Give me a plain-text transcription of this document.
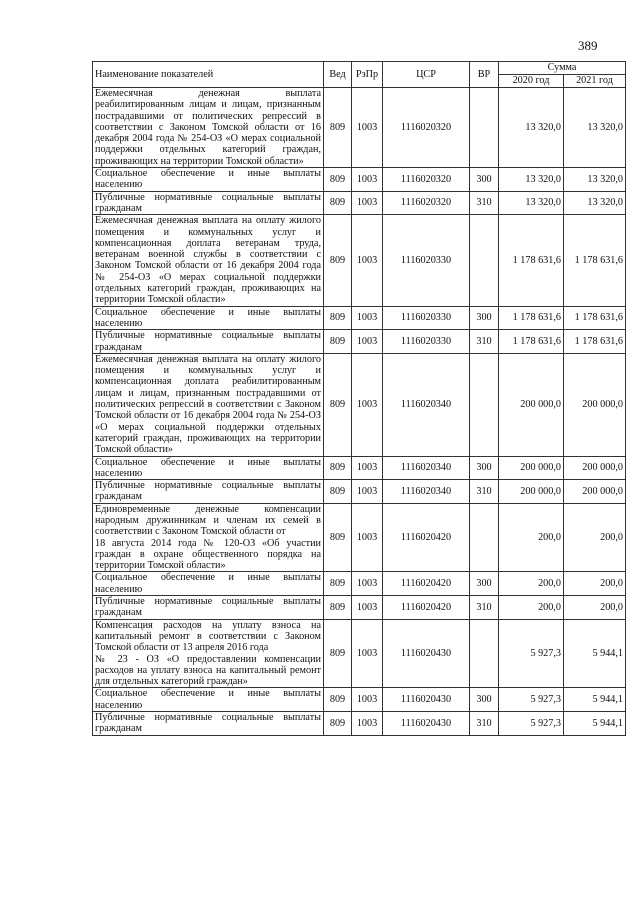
389
Наименование показателей	Вед	РзПр	ЦСР	ВР	Сумма	
					2020 год	2021 год
Ежемесячная денежная выплата реабилитированным лицам и лицам, признанным пострадавшими от политических репрессий в соответствии с Законом Томской области от 16 декабря 2004 года № 254-ОЗ «О мерах социальной поддержки отдельных категорий граждан, проживающих на территории Томской области»	809	1003	1116020320		13 320,0	13 320,0
Социальное обеспечение и иные выплаты населению	809	1003	1116020320	300	13 320,0	13 320,0
Публичные нормативные социальные выплаты гражданам	809	1003	1116020320	310	13 320,0	13 320,0
Ежемесячная денежная выплата на оплату жилого помещения и коммунальных услуг и компенсационная доплата ветеранам труда, ветеранам военной службы в соответствии с Законом Томской области от 16 декабря 2004 года № 254-ОЗ «О мерах социальной поддержки отдельных категорий граждан, проживающих на территории Томской области»	809	1003	1116020330		1 178 631,6	1 178 631,6
Социальное обеспечение и иные выплаты населению	809	1003	1116020330	300	1 178 631,6	1 178 631,6
Публичные нормативные социальные выплаты гражданам	809	1003	1116020330	310	1 178 631,6	1 178 631,6
Ежемесячная денежная выплата на оплату жилого помещения и коммунальных услуг и компенсационная доплата реабилитированным лицам и лицам, признанным пострадавшими от политических репрессий в соответствии с Законом Томской области от 16 декабря 2004 года № 254-ОЗ «О мерах социальной поддержки отдельных категорий граждан, проживающих на территории Томской области»	809	1003	1116020340		200 000,0	200 000,0
Социальное обеспечение и иные выплаты населению	809	1003	1116020340	300	200 000,0	200 000,0
Публичные нормативные социальные выплаты гражданам	809	1003	1116020340	310	200 000,0	200 000,0
Единовременные денежные компенсации народным дружинникам и членам их семей в соответствии с Законом Томской области от
18 августа 2014 года № 120-ОЗ «Об участии граждан в охране общественного порядка на территории Томской области»	809	1003	1116020420		200,0	200,0
Социальное обеспечение и иные выплаты населению	809	1003	1116020420	300	200,0	200,0
Публичные нормативные социальные выплаты гражданам	809	1003	1116020420	310	200,0	200,0
Компенсация расходов на уплату взноса на капитальный ремонт в соответствии с Законом Томской области от 13 апреля 2016 года
№ 23 - ОЗ «О предоставлении компенсации расходов на уплату взноса на капитальный ремонт для отдельных категорий граждан»	809	1003	1116020430		5 927,3	5 944,1
Социальное обеспечение и иные выплаты населению	809	1003	1116020430	300	5 927,3	5 944,1
Публичные нормативные социальные выплаты гражданам	809	1003	1116020430	310	5 927,3	5 944,1
